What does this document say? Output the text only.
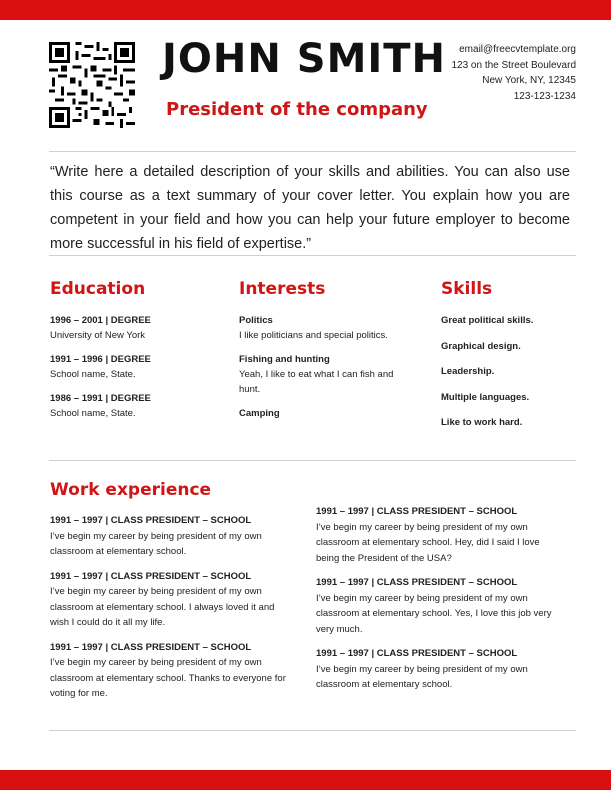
JOHN SMITH
President of the company
email@freecvtemplate.org
123 on the Street Boulevard
New York, NY, 12345
123-123-1234

“Write here a detailed description of your skills and abilities. You can also use this course as a text summary of your cover letter. You explain how you are competent in your field and how you can help your future employer to become more successful in his field of expertise.”

Education
1996 – 2001 | DEGREE
University of New York
1991 – 1996 | DEGREE
School name, State.
1986 – 1991 | DEGREE
School name, State.
Interests
Politics
I like politicians and special politics.
Fishing and hunting
Yeah, I like to eat what I can fish and hunt.
Camping
Skills
Great political skills.
Graphical design.
Leadership.
Multiple languages.
Like to work hard.
Work experience
1991 – 1997 | CLASS PRESIDENT – SCHOOL
I’ve begin my career by being president of my own classroom at elementary school.
1991 – 1997 | CLASS PRESIDENT – SCHOOL
I’ve begin my career by being president of my own classroom at elementary school. I always loved it and wish I could do it all my life.
1991 – 1997 | CLASS PRESIDENT – SCHOOL
I’ve begin my career by being president of my own classroom at elementary school. Thanks to everyone for voting for me.
1991 – 1997 | CLASS PRESIDENT – SCHOOL
I’ve begin my career by being president of my own classroom at elementary school. Hey, did I said I love being the President of the USA?
1991 – 1997 | CLASS PRESIDENT – SCHOOL
I’ve begin my career by being president of my own classroom at elementary school. Yes, I love this job very very much.
1991 – 1997 | CLASS PRESIDENT – SCHOOL
I’ve begin my career by being president of my own classroom at elementary school.
